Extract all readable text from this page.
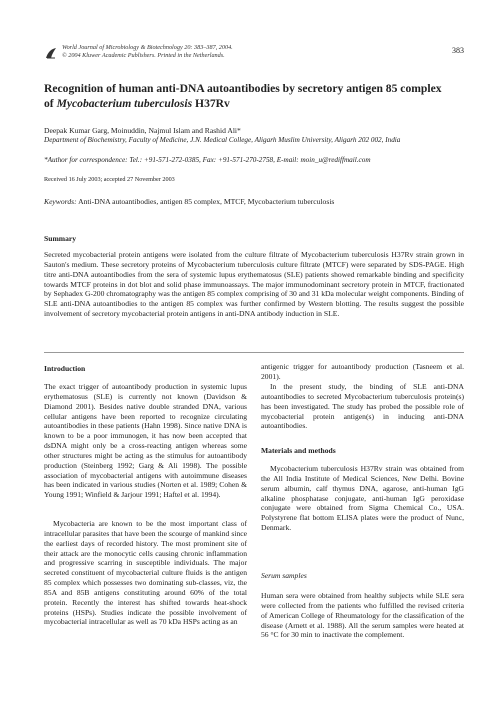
World Journal of Microbiology & Biotechnology 20: 383–387, 2004.
© 2004 Kluwer Academic Publishers. Printed in the Netherlands.
383
Recognition of human anti-DNA autoantibodies by secretory antigen 85 complex
of Mycobacterium tuberculosis H37Rv
Deepak Kumar Garg, Moinuddin, Najmul Islam and Rashid Ali*
Department of Biochemistry, Faculty of Medicine, J.N. Medical College, Aligarh Muslim University, Aligarh 202 002, India
*Author for correspondence: Tel.: +91-571-272-0385, Fax: +91-571-270-2758, E-mail: moin_u@rediffmail.com
Received 16 July 2003; accepted 27 November 2003
Keywords: Anti-DNA autoantibodies, antigen 85 complex, MTCF, Mycobacterium tuberculosis
Summary

Secreted mycobacterial protein antigens were isolated from the culture filtrate of Mycobacterium tuberculosis H37Rv strain grown in Sauton's medium. These secretory proteins of Mycobacterium tuberculosis culture filtrate (MTCF) were separated by SDS-PAGE. High titre anti-DNA autoantibodies from the sera of systemic lupus erythematosus (SLE) patients showed remarkable binding and specificity towards MTCF proteins in dot blot and solid phase immunoassays. The major immunodominant secretory protein in MTCF, fractionated by Sephadex G-200 chromatography was the antigen 85 complex comprising of 30 and 31 kDa molecular weight components. Binding of SLE anti-DNA autoantibodies to the antigen 85 complex was further confirmed by Western blotting. The results suggest the possible involvement of secretory mycobacterial protein antigens in anti-DNA antibody induction in SLE.

Introduction

The exact trigger of autoantibody production in systemic lupus erythematosus (SLE) is currently not known (Davidson & Diamond 2001). Besides native double stranded DNA, various cellular antigens have been reported to recognize circulating autoantibodies in these patients (Hahn 1998). Since native DNA is known to be a poor immunogen, it has now been accepted that dsDNA might only be a cross-reacting antigen whereas some other structures might be acting as the stimulus for autoantibody production (Steinberg 1992; Garg & Ali 1998). The possible association of mycobacterial antigens with autoimmune diseases has been indicated in various studies (Norten et al. 1989; Cohen & Young 1991; Winfield & Jarjour 1991; Haftel et al. 1994).

Mycobacteria are known to be the most important class of intracellular parasites that have been the scourge of mankind since the earliest days of recorded history. The most prominent site of their attack are the monocytic cells causing chronic inflammation and progressive scarring in susceptible individuals. The major secreted constituent of mycobacterial culture fluids is the antigen 85 complex which possesses two dominating sub-classes, viz, the 85A and 85B antigens constituting around 60% of the total protein. Recently the interest has shifted towards heat-shock proteins (HSPs). Studies indicate the possible involvement of mycobacterial intracellular as well as 70 kDa HSPs acting as an

antigenic trigger for autoantibody production (Tasneem et al. 2001).

In the present study, the binding of SLE anti-DNA autoantibodies to secreted Mycobacterium tuberculosis protein(s) has been investigated. The study has probed the possible role of mycobacterial protein antigen(s) in inducing anti-DNA autoantibodies.

Materials and methods

Mycobacterium tuberculosis H37Rv strain was obtained from the All India Institute of Medical Sciences, New Delhi. Bovine serum albumin, calf thymus DNA, agarose, anti-human IgG alkaline phosphatase conjugate, anti-human IgG peroxidase conjugate were obtained from Sigma Chemical Co., USA. Polystyrene flat bottom ELISA plates were the product of Nunc, Denmark.

Serum samples

Human sera were obtained from healthy subjects while SLE sera were collected from the patients who fulfilled the revised criteria of American College of Rheumatology for the classification of the disease (Arnett et al. 1988). All the serum samples were heated at 56 °C for 30 min to inactivate the complement.
